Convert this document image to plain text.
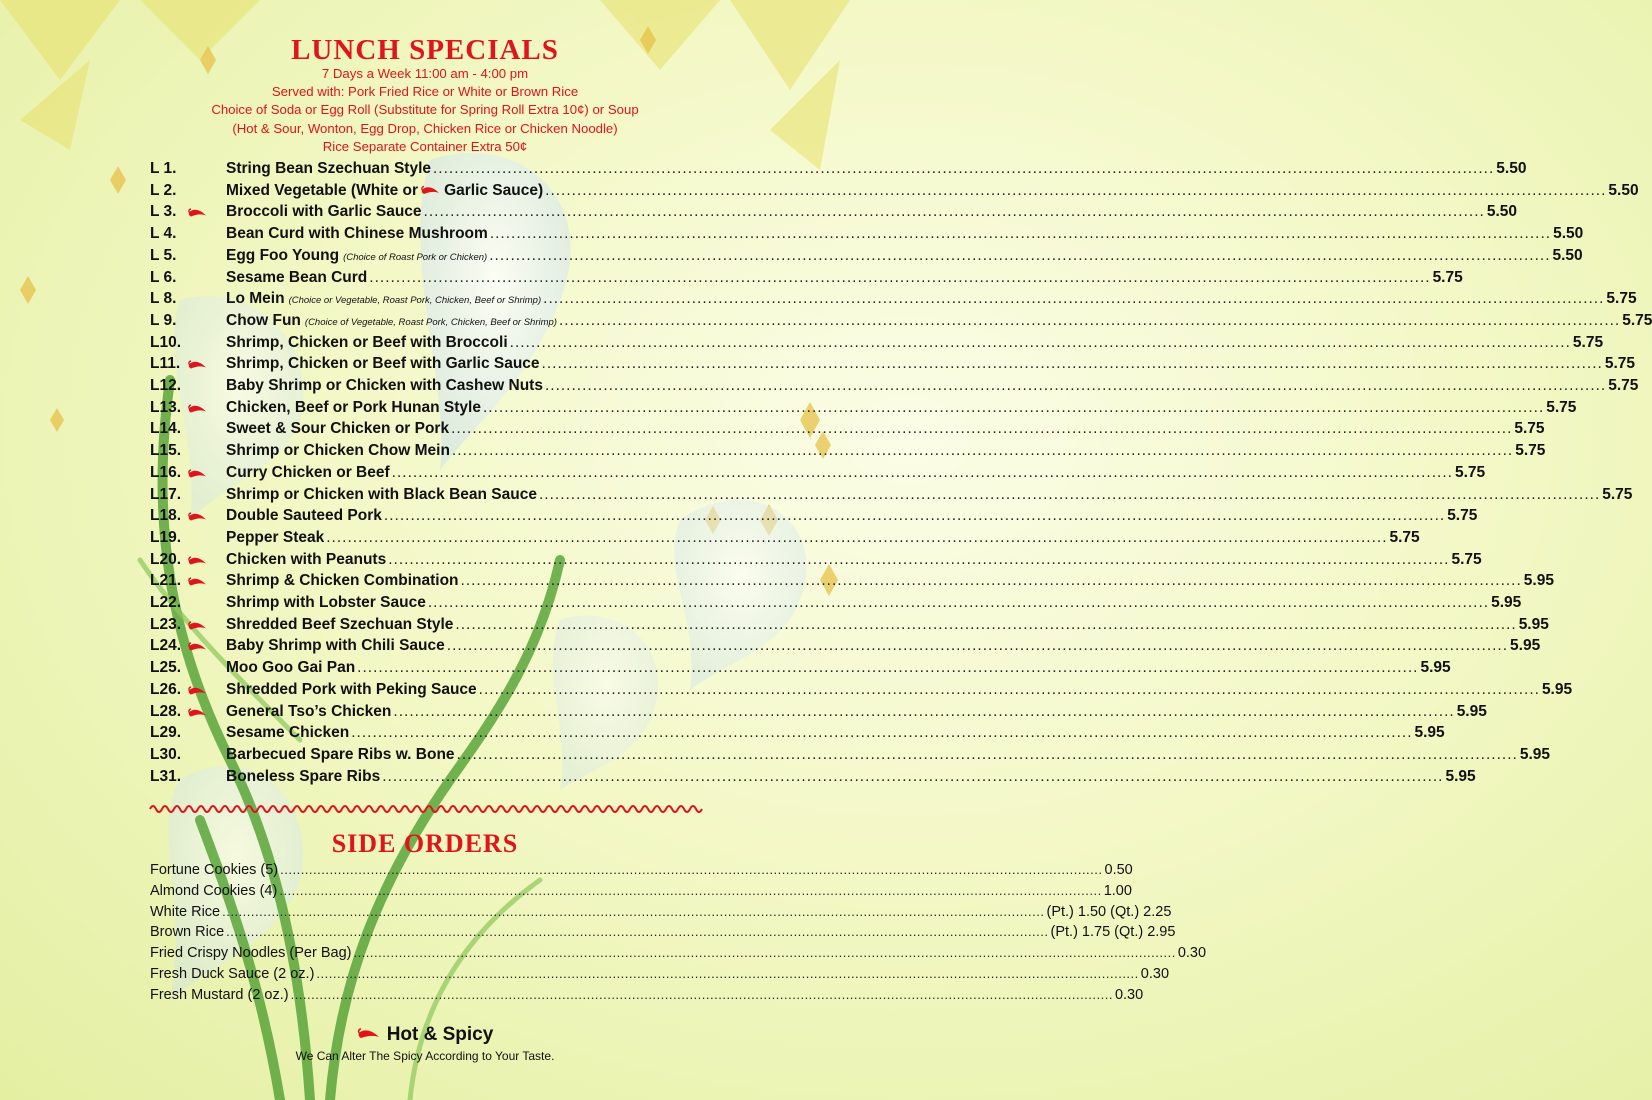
LUNCH SPECIALS
7 Days a Week 11:00 am - 4:00 pm
Served with: Pork Fried Rice or White or Brown Rice
Choice of Soda or Egg Roll (Substitute for Spring Roll Extra 10¢) or Soup
(Hot & Sour, Wonton, Egg Drop, Chicken Rice or Chicken Noodle)
Rice Separate Container Extra 50¢
L 1.	String Bean Szechuan Style ........................................................................................................................................................................................................ 5.50
L 2.	Mixed Vegetable (White or Garlic Sauce) ........................................................................................................................................................................................................ 5.50
L 3.	Broccoli with Garlic Sauce ........................................................................................................................................................................................................ 5.50
L 4.	Bean Curd with Chinese Mushroom ........................................................................................................................................................................................................ 5.50
L 5.	Egg Foo Young (Choice of Roast Pork or Chicken) ........................................................................................................................................................................................................ 5.50
L 6.	Sesame Bean Curd ........................................................................................................................................................................................................ 5.75
L 8.	Lo Mein (Choice or Vegetable, Roast Pork, Chicken, Beef or Shrimp) ........................................................................................................................................................................................................ 5.75
L 9.	Chow Fun (Choice of Vegetable, Roast Pork, Chicken, Beef or Shrimp) ........................................................................................................................................................................................................ 5.75
L10.	Shrimp, Chicken or Beef with Broccoli ........................................................................................................................................................................................................ 5.75
L11.	Shrimp, Chicken or Beef with Garlic Sauce ........................................................................................................................................................................................................ 5.75
L12.	Baby Shrimp or Chicken with Cashew Nuts ........................................................................................................................................................................................................ 5.75
L13.	Chicken, Beef or Pork Hunan Style ........................................................................................................................................................................................................ 5.75
L14.	Sweet & Sour Chicken or Pork ........................................................................................................................................................................................................ 5.75
L15.	Shrimp or Chicken Chow Mein ........................................................................................................................................................................................................ 5.75
L16.	Curry Chicken or Beef ........................................................................................................................................................................................................ 5.75
L17.	Shrimp or Chicken with Black Bean Sauce ........................................................................................................................................................................................................ 5.75
L18.	Double Sauteed Pork ........................................................................................................................................................................................................ 5.75
L19.	Pepper Steak ........................................................................................................................................................................................................ 5.75
L20.	Chicken with Peanuts ........................................................................................................................................................................................................ 5.75
L21.	Shrimp & Chicken Combination ........................................................................................................................................................................................................ 5.95
L22.	Shrimp with Lobster Sauce ........................................................................................................................................................................................................ 5.95
L23.	Shredded Beef Szechuan Style ........................................................................................................................................................................................................ 5.95
L24.	Baby Shrimp with Chili Sauce ........................................................................................................................................................................................................ 5.95
L25.	Moo Goo Gai Pan ........................................................................................................................................................................................................ 5.95
L26.	Shredded Pork with Peking Sauce ........................................................................................................................................................................................................ 5.95
L28.	General Tso’s Chicken ........................................................................................................................................................................................................ 5.95
L29.	Sesame Chicken ........................................................................................................................................................................................................ 5.95
L30.	Barbecued Spare Ribs w. Bone ........................................................................................................................................................................................................ 5.95
L31.	Boneless Spare Ribs ........................................................................................................................................................................................................ 5.95
SIDE ORDERS
Fortune Cookies (5) ........................................................................................................................................................................................................ 0.50
Almond Cookies (4) ........................................................................................................................................................................................................ 1.00
White Rice ........................................................................................................................................................................................................ (Pt.) 1.50 (Qt.) 2.25
Brown Rice ........................................................................................................................................................................................................ (Pt.) 1.75 (Qt.) 2.95
Fried Crispy Noodles (Per Bag) ........................................................................................................................................................................................................ 0.30
Fresh Duck Sauce (2 oz.) ........................................................................................................................................................................................................ 0.30
Fresh Mustard (2 oz.) ........................................................................................................................................................................................................ 0.30
Hot & Spicy
We Can Alter The Spicy According to Your Taste.
